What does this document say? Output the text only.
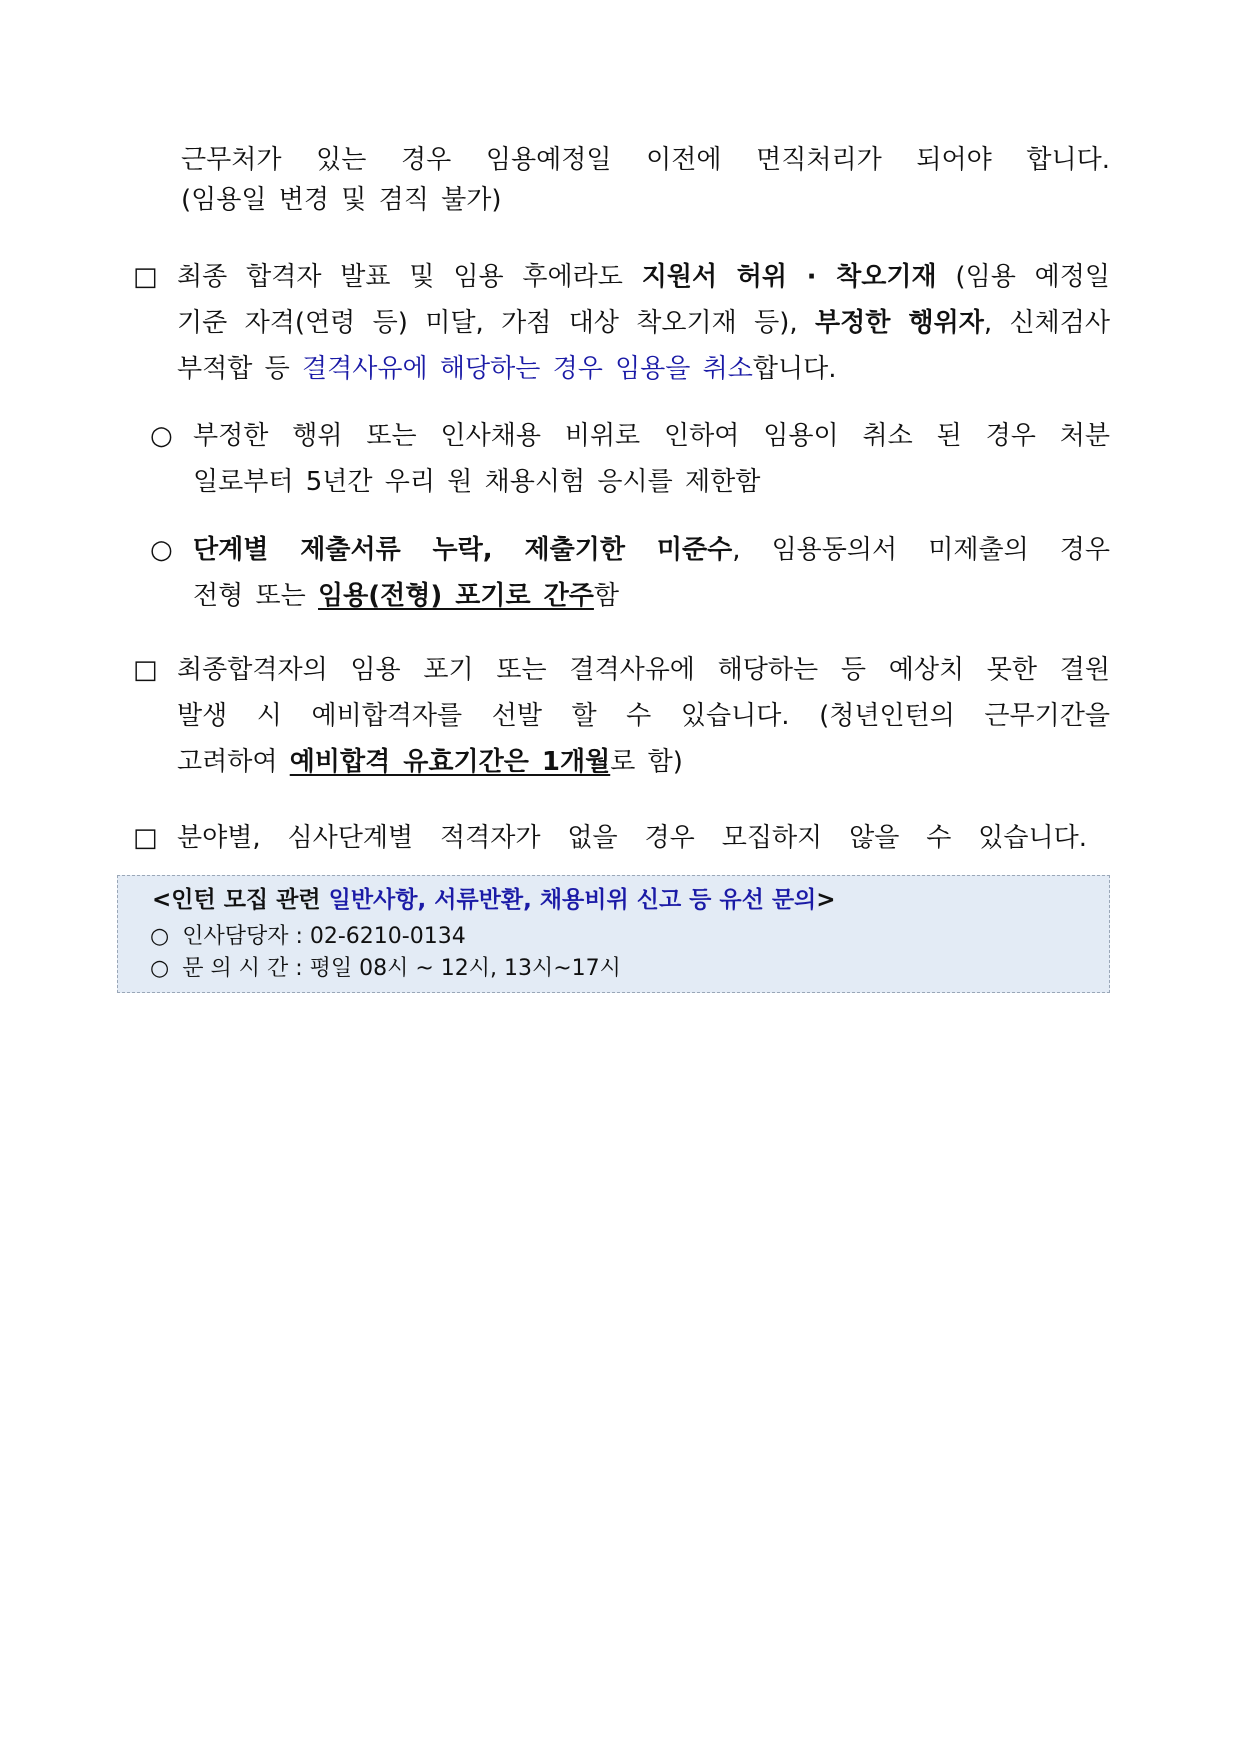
근무처가 있는 경우 임용예정일 이전에 면직처리가 되어야 합니다.
(임용일 변경 및 겸직 불가)
□ 최종 합격자 발표 및 임용 후에라도 지원서 허위 · 착오기재 (임용 예정일
기준 자격(연령 등) 미달, 가점 대상 착오기재 등), 부정한 행위자, 신체검사
부적합 등 결격사유에 해당하는 경우 임용을 취소합니다.
○ 부정한 행위 또는 인사채용 비위로 인하여 임용이 취소 된 경우 처분
일로부터 5년간 우리 원 채용시험 응시를 제한함
○ 단계별 제출서류 누락, 제출기한 미준수, 임용동의서 미제출의 경우
전형 또는 임용(전형) 포기로 간주함
□ 최종합격자의 임용 포기 또는 결격사유에 해당하는 등 예상치 못한 결원
발생 시 예비합격자를 선발 할 수 있습니다. (청년인턴의 근무기간을
고려하여 예비합격 유효기간은 1개월로 함)
□ 분야별, 심사단계별 적격자가 없을 경우 모집하지 않을 수 있습니다.
<인턴 모집 관련 일반사항, 서류반환, 채용비위 신고 등 유선 문의>
○ 인사담당자 : 02-6210-0134
○ 문 의 시 간 : 평일 08시 ~ 12시, 13시~17시
